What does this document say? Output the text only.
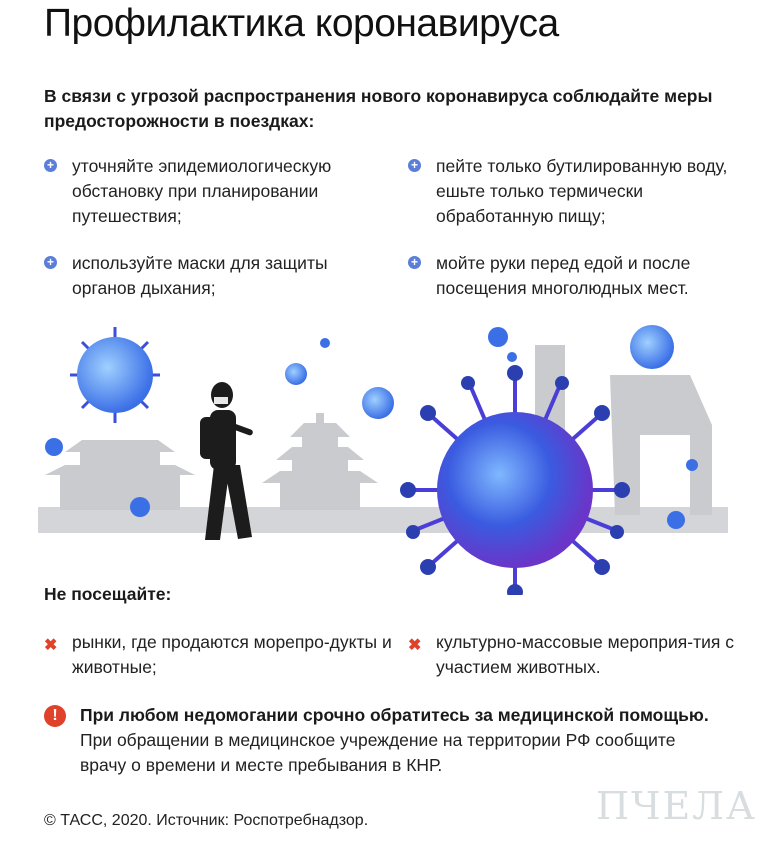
Профилактика коронавируса
В связи с угрозой распространения нового коронавируса соблюдайте меры предосторожности в поездках:
+ уточняйте эпидемиологическую обстановку при планировании путешествия;
+ пейте только бутилированную воду, ешьте только термически обработанную пищу;
+ используйте маски для защиты органов дыхания;
+ мойте руки перед едой и после посещения многолюдных мест.
Не посещайте:
✖ рынки, где продаются морепро-дукты и животные;
✖ культурно-массовые мероприя-тия с участием животных.
!	При любом недомогании срочно обратитесь за медицинской помощью.
При обращении в медицинское учреждение на территории РФ сообщите врачу о времени и месте пребывания в КНР.
© ТАСС, 2020. Источник: Роспотребнадзор.	ПЧЕЛА
